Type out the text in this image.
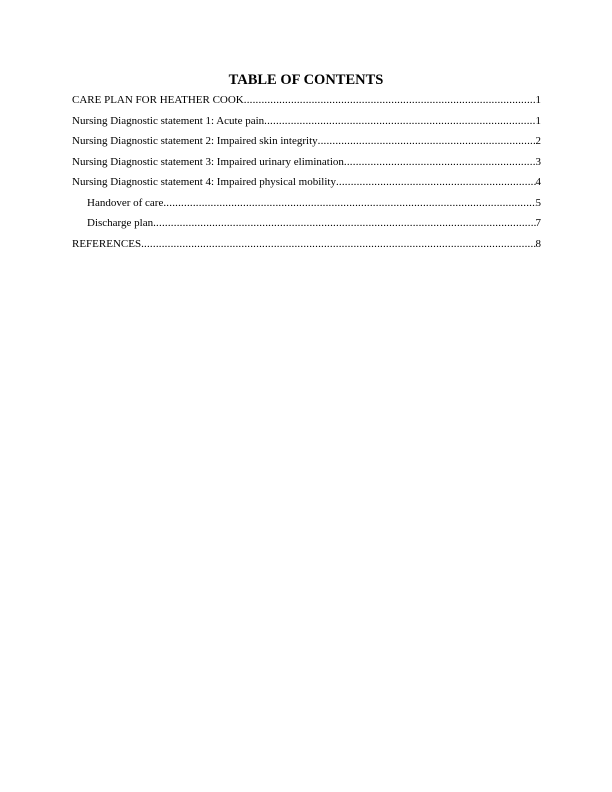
TABLE OF CONTENTS
CARE PLAN FOR HEATHER COOK .....	1
Nursing Diagnostic statement 1: Acute pain .....	1
Nursing Diagnostic statement 2: Impaired skin integrity .....	2
Nursing Diagnostic statement 3: Impaired urinary elimination .....	3
Nursing Diagnostic statement 4: Impaired physical mobility .....	4
Handover of care .....	5
Discharge plan .....	7
REFERENCES .....	8
